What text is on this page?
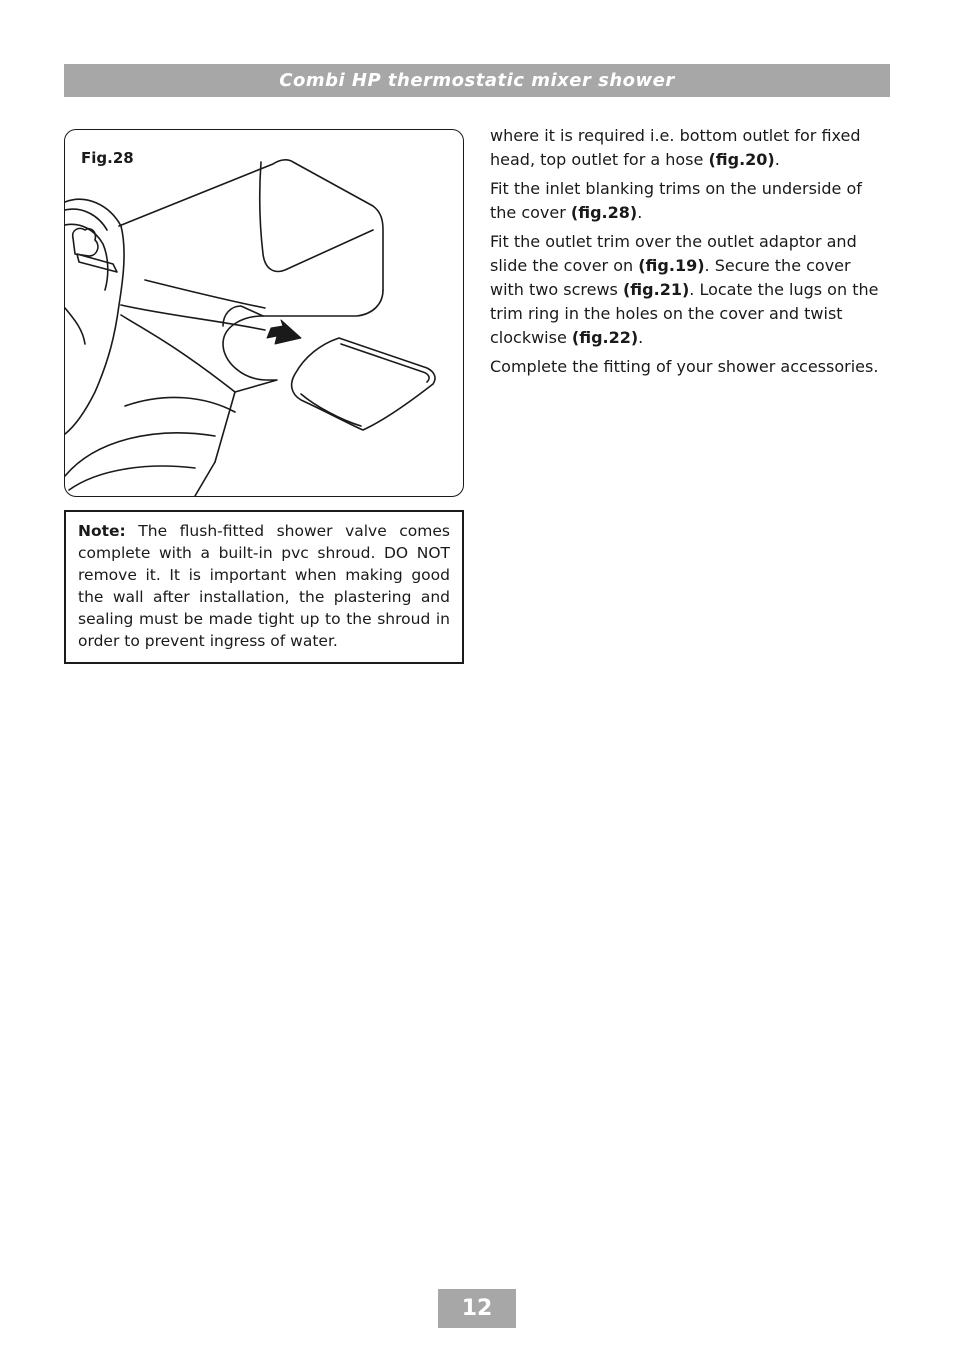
Combi HP thermostatic mixer shower
Fig.28
Note: The flush-fitted shower valve comes complete with a built-in pvc shroud. DO NOT remove it. It is important when making good the wall after installation, the plastering and sealing must be made tight up to the shroud in order to prevent ingress of water.

where it is required i.e. bottom outlet for fixed head, top outlet for a hose (fig.20).

Fit the inlet blanking trims on the underside of the cover (fig.28).

Fit the outlet trim over the outlet adaptor and slide the cover on (fig.19). Secure the cover with two screws (fig.21). Locate the lugs on the trim ring in the holes on the cover and twist clockwise (fig.22).

Complete the fitting of your shower accessories.

12
